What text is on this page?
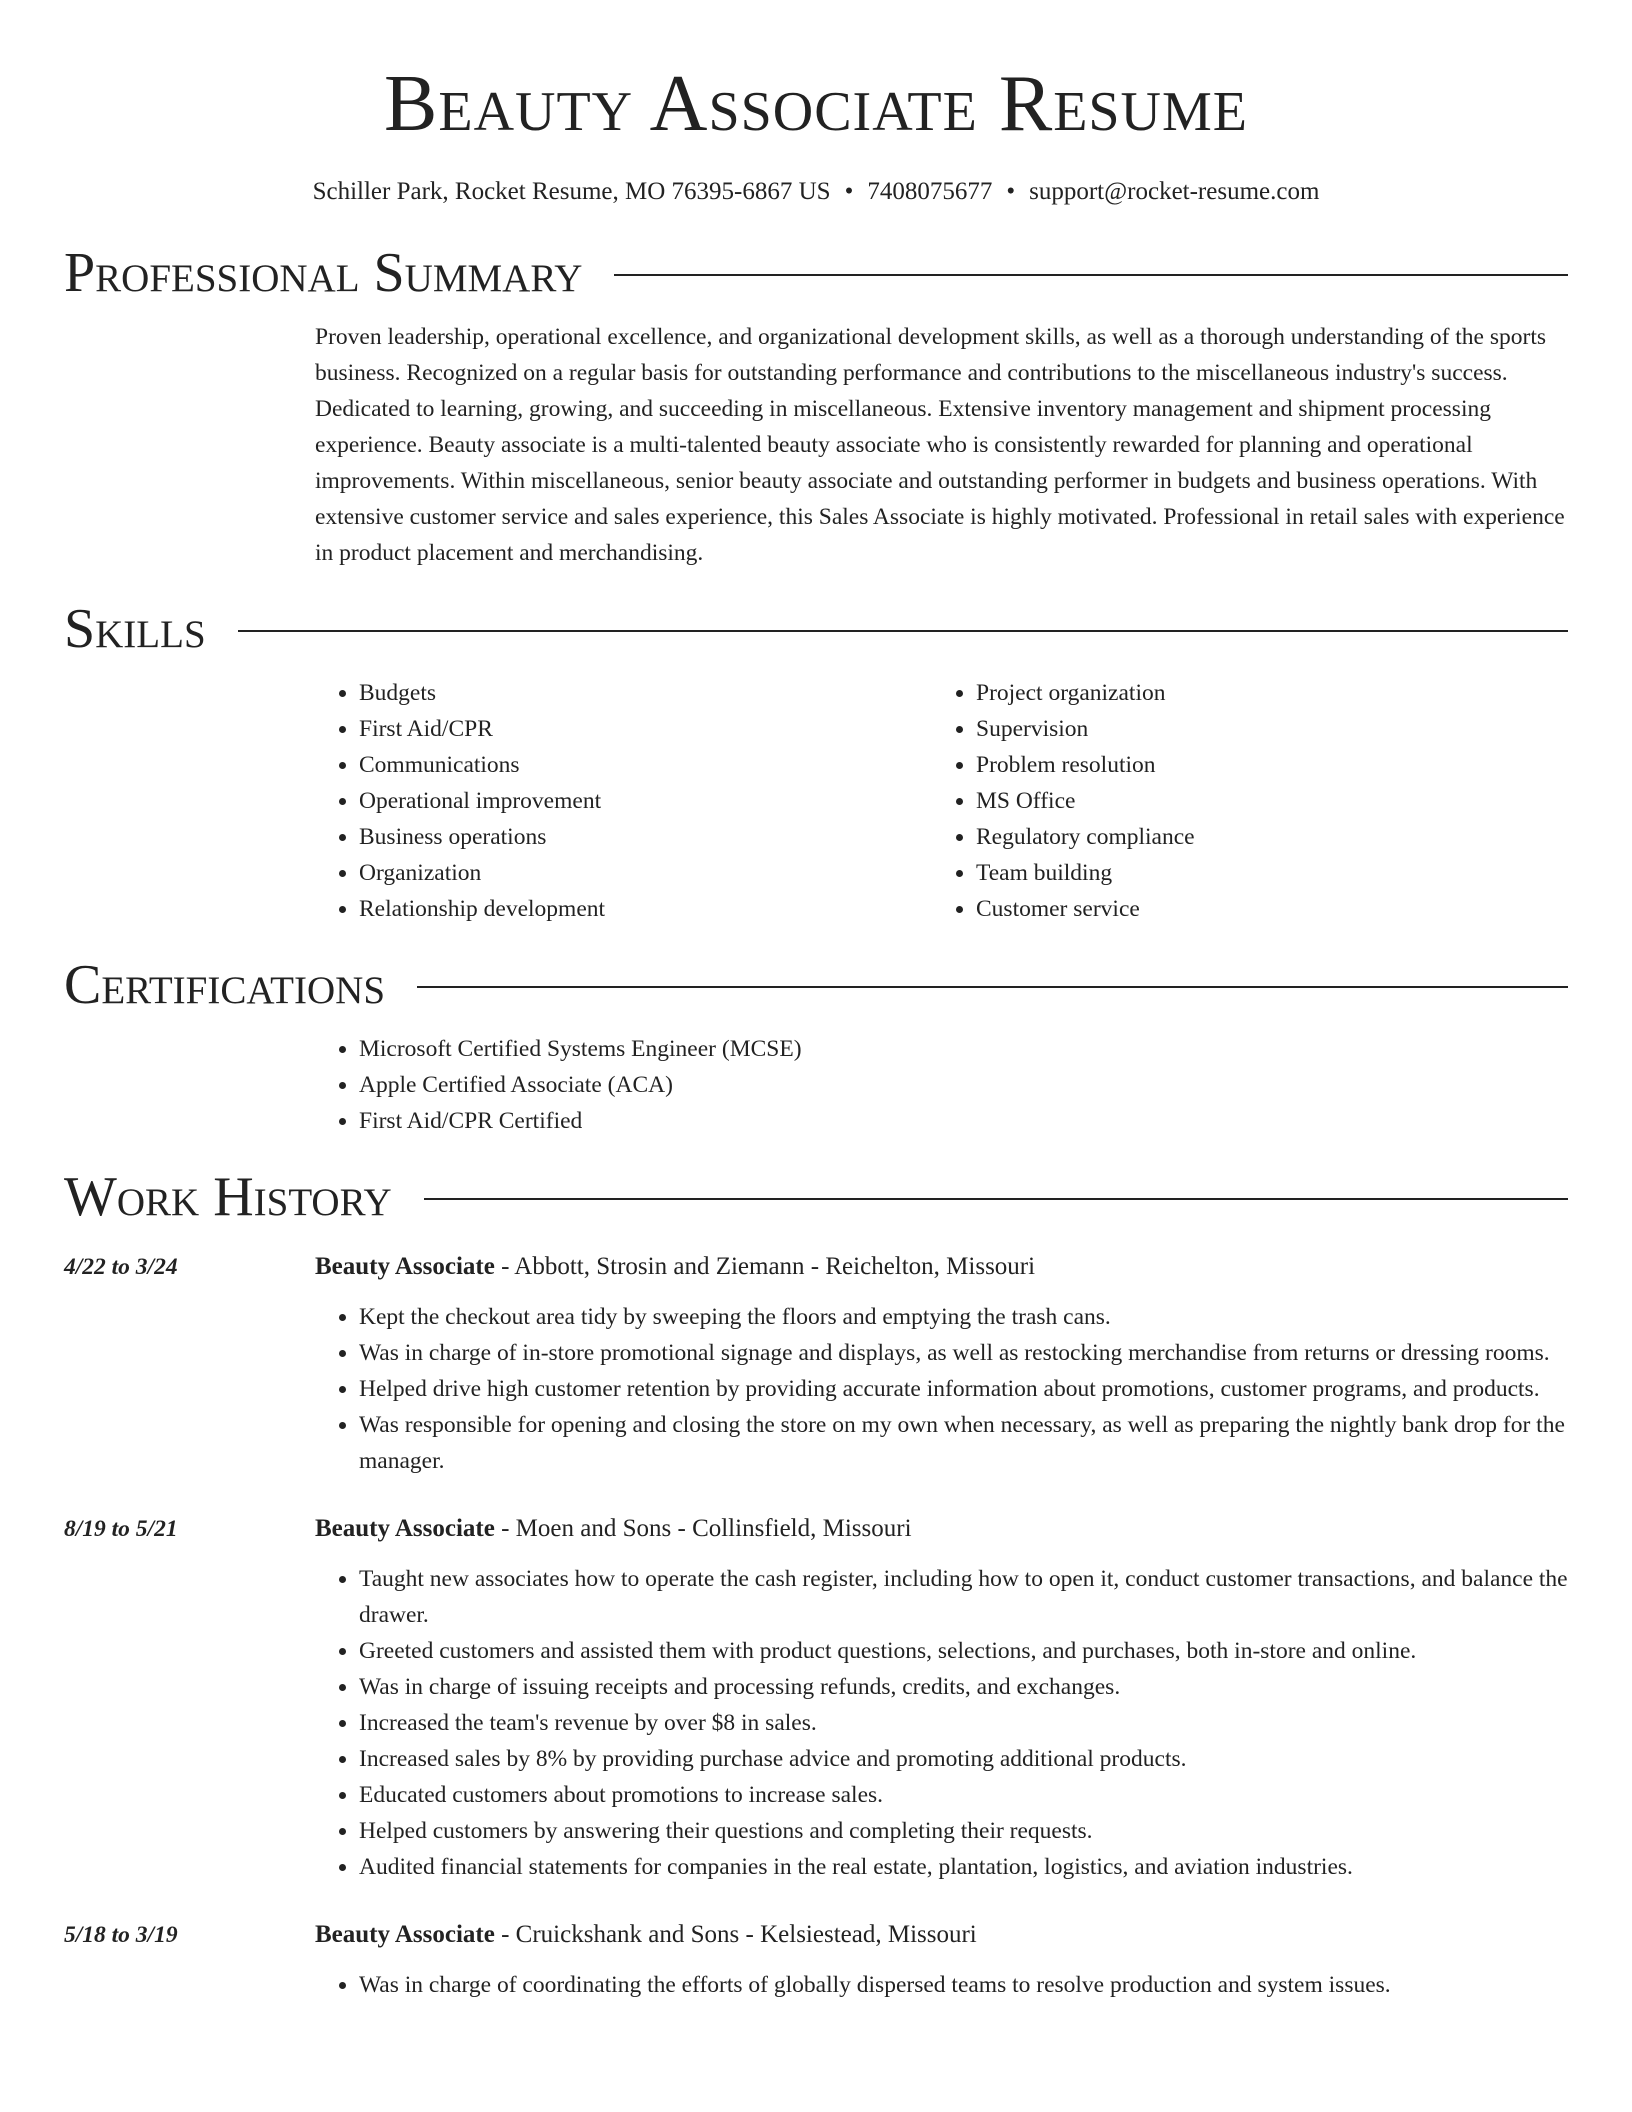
Beauty Associate Resume
Schiller Park, Rocket Resume, MO 76395-6867 US • 7408075677 • support@rocket-resume.com
Professional Summary

Proven leadership, operational excellence, and organizational development skills, as well as a thorough understanding of the sports business. Recognized on a regular basis for outstanding performance and contributions to the miscellaneous industry's success. Dedicated to learning, growing, and succeeding in miscellaneous. Extensive inventory management and shipment processing experience. Beauty associate is a multi-talented beauty associate who is consistently rewarded for planning and operational improvements. Within miscellaneous, senior beauty associate and outstanding performer in budgets and business operations. With extensive customer service and sales experience, this Sales Associate is highly motivated. Professional in retail sales with experience in product placement and merchandising.

Skills
• Budgets
• First Aid/CPR
• Communications
• Operational improvement
• Business operations
• Organization
• Relationship development
• Project organization
• Supervision
• Problem resolution
• MS Office
• Regulatory compliance
• Team building
• Customer service
Certifications
• Microsoft Certified Systems Engineer (MCSE)
• Apple Certified Associate (ACA)
• First Aid/CPR Certified
Work History
4/22 to 3/24	Beauty Associate - Abbott, Strosin and Ziemann - Reichelton, Missouri
• Kept the checkout area tidy by sweeping the floors and emptying the trash cans.
• Was in charge of in-store promotional signage and displays, as well as restocking merchandise from returns or dressing rooms.
• Helped drive high customer retention by providing accurate information about promotions, customer programs, and products.
• Was responsible for opening and closing the store on my own when necessary, as well as preparing the nightly bank drop for the manager.
8/19 to 5/21	Beauty Associate - Moen and Sons - Collinsfield, Missouri
• Taught new associates how to operate the cash register, including how to open it, conduct customer transactions, and balance the drawer.
• Greeted customers and assisted them with product questions, selections, and purchases, both in-store and online.
• Was in charge of issuing receipts and processing refunds, credits, and exchanges.
• Increased the team's revenue by over $8 in sales.
• Increased sales by 8% by providing purchase advice and promoting additional products.
• Educated customers about promotions to increase sales.
• Helped customers by answering their questions and completing their requests.
• Audited financial statements for companies in the real estate, plantation, logistics, and aviation industries.
5/18 to 3/19	Beauty Associate - Cruickshank and Sons - Kelsiestead, Missouri
• Was in charge of coordinating the efforts of globally dispersed teams to resolve production and system issues.
